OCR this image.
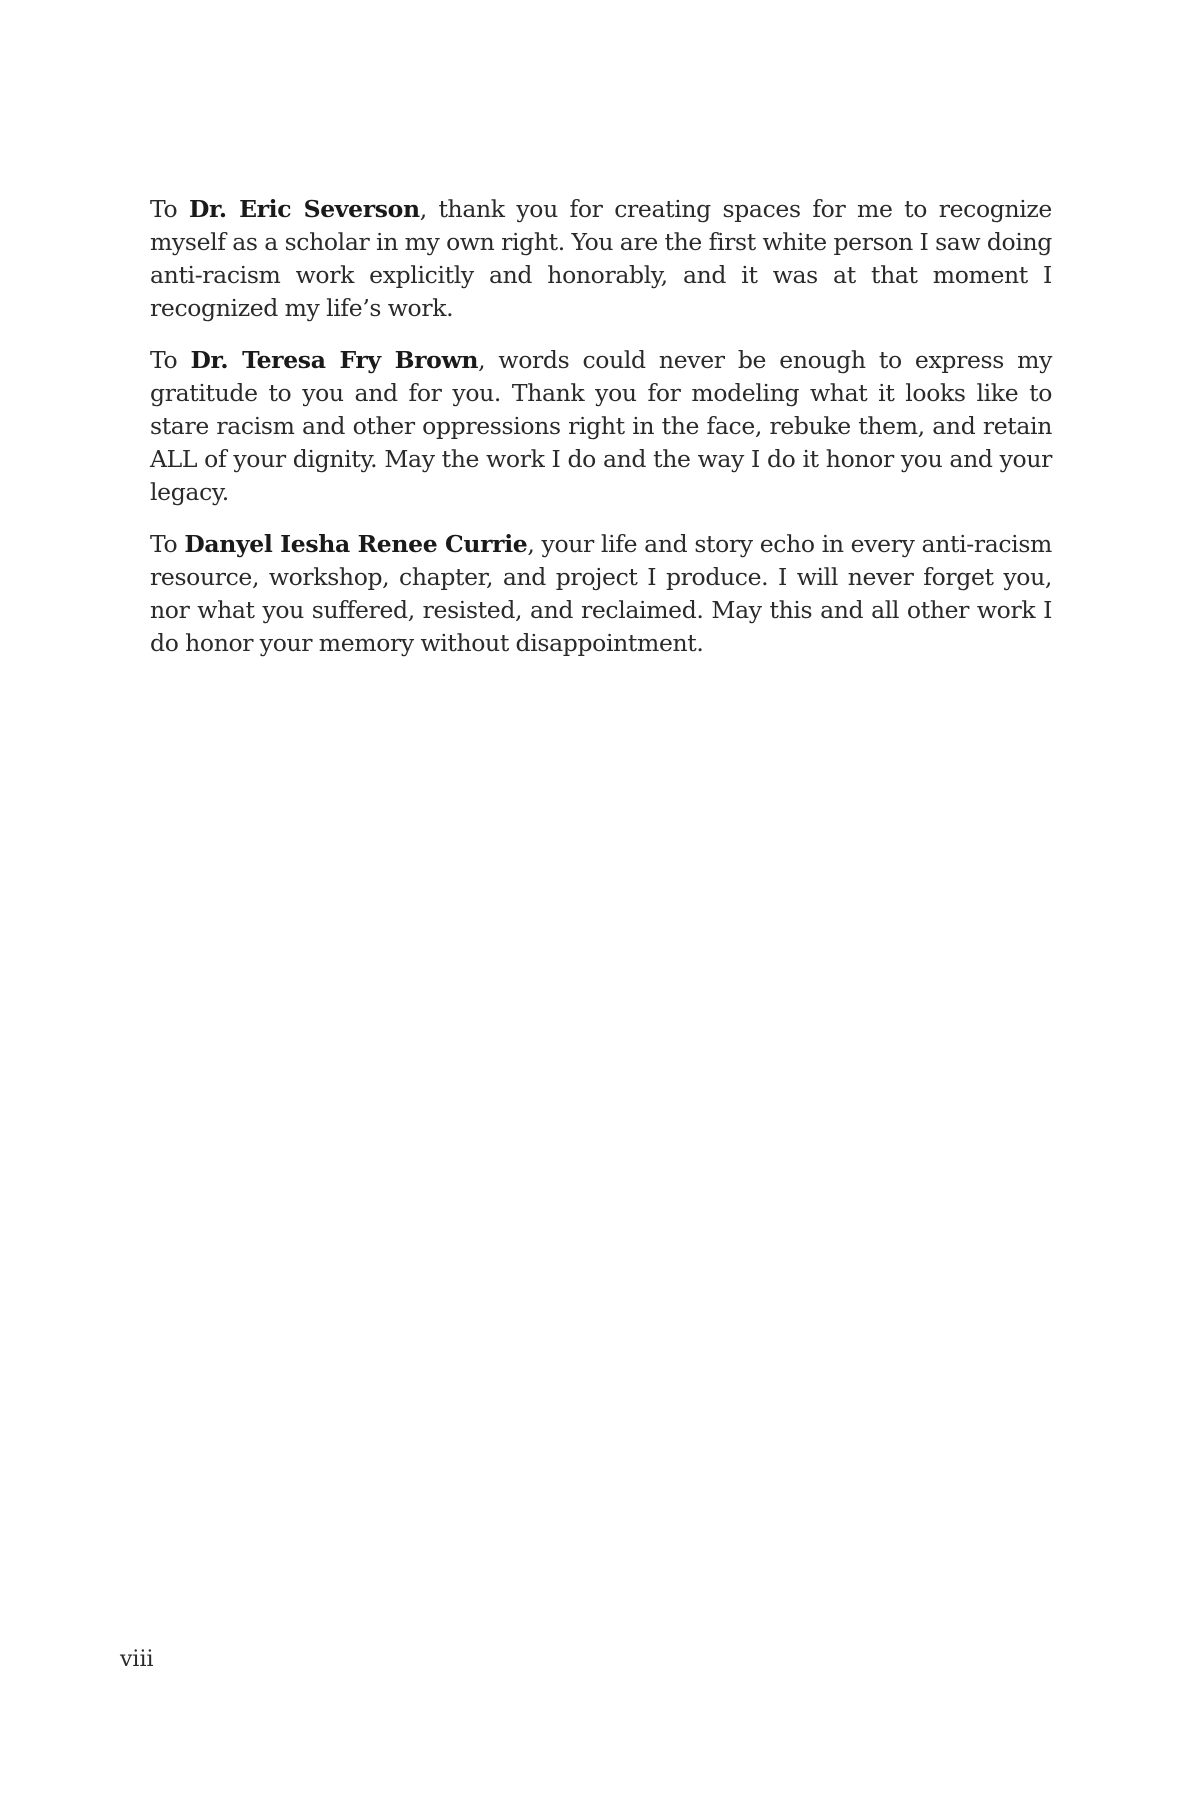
To Dr. Eric Severson, thank you for creating spaces for me to recognize myself as a scholar in my own right. You are the first white person I saw doing anti-racism work explicitly and honorably, and it was at that moment I recognized my life’s work.

To Dr. Teresa Fry Brown, words could never be enough to express my gratitude to you and for you. Thank you for modeling what it looks like to stare racism and other oppressions right in the face, rebuke them, and retain ALL of your dignity. May the work I do and the way I do it honor you and your legacy.

To Danyel Iesha Renee Currie, your life and story echo in every anti-racism resource, workshop, chapter, and project I produce. I will never forget you, nor what you suffered, resisted, and reclaimed. May this and all other work I do honor your memory without disappointment.

viii
